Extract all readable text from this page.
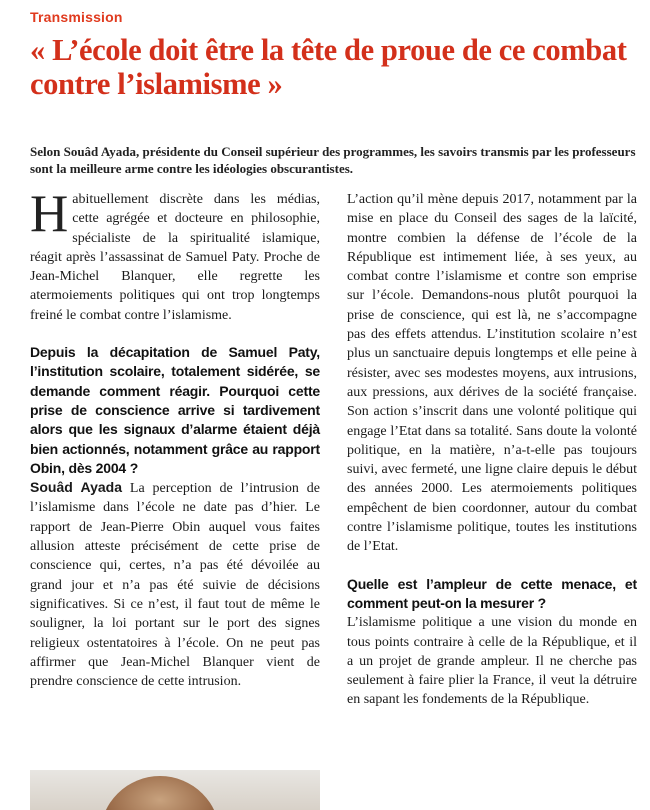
Transmission
« L’école doit être la tête de proue de ce combat contre l’islamisme »
Selon Souâd Ayada, présidente du Conseil supérieur des programmes, les savoirs transmis par les professeurs sont la meilleure arme contre les idéologies obscurantistes.

Habituellement discrète dans les médias, cette agrégée et docteure en philosophie, spécialiste de la spiritualité islamique, réagit après l’assassinat de Samuel Paty. Proche de Jean-Michel Blanquer, elle regrette les atermoiements politiques qui ont trop longtemps freiné le combat contre l’islamisme.

Depuis la décapitation de Samuel Paty, l’institution scolaire, totalement sidérée, se demande comment réagir. Pourquoi cette prise de conscience arrive si tardivement alors que les signaux d’alarme étaient déjà bien actionnés, notamment grâce au rapport Obin, dès 2004 ?

Souâd Ayada La perception de l’intrusion de l’islamisme dans l’école ne date pas d’hier. Le rapport de Jean-Pierre Obin auquel vous faites allusion atteste précisément de cette prise de conscience qui, certes, n’a pas été dévoilée au grand jour et n’a pas été suivie de décisions significatives. Si ce n’est, il faut tout de même le souligner, la loi portant sur le port des signes religieux ostentatoires à l’école. On ne peut pas affirmer que Jean-Michel Blanquer vient de prendre conscience de cette intrusion.

L’action qu’il mène depuis 2017, notamment par la mise en place du Conseil des sages de la laïcité, montre combien la défense de l’école de la République est intimement liée, à ses yeux, au combat contre l’islamisme et contre son emprise sur l’école. Demandons-nous plutôt pourquoi la prise de conscience, qui est là, ne s’accompagne pas des effets attendus. L’institution scolaire n’est plus un sanctuaire depuis longtemps et elle peine à résister, avec ses modestes moyens, aux intrusions, aux pressions, aux dérives de la société française. Son action s’inscrit dans une volonté politique qui engage l’Etat dans sa totalité. Sans doute la volonté politique, en la matière, n’a-t-elle pas toujours suivi, avec fermeté, une ligne claire depuis le début des années 2000. Les atermoiements politiques empêchent de bien coordonner, autour du combat contre l’islamisme politique, toutes les institutions de l’Etat.

Quelle est l’ampleur de cette menace, et comment peut-on la mesurer ?

L’islamisme politique a une vision du monde en tous points contraire à celle de la République, et il a un projet de grande ampleur. Il ne cherche pas seulement à faire plier la France, il veut la détruire en sapant les fondements de la République.
